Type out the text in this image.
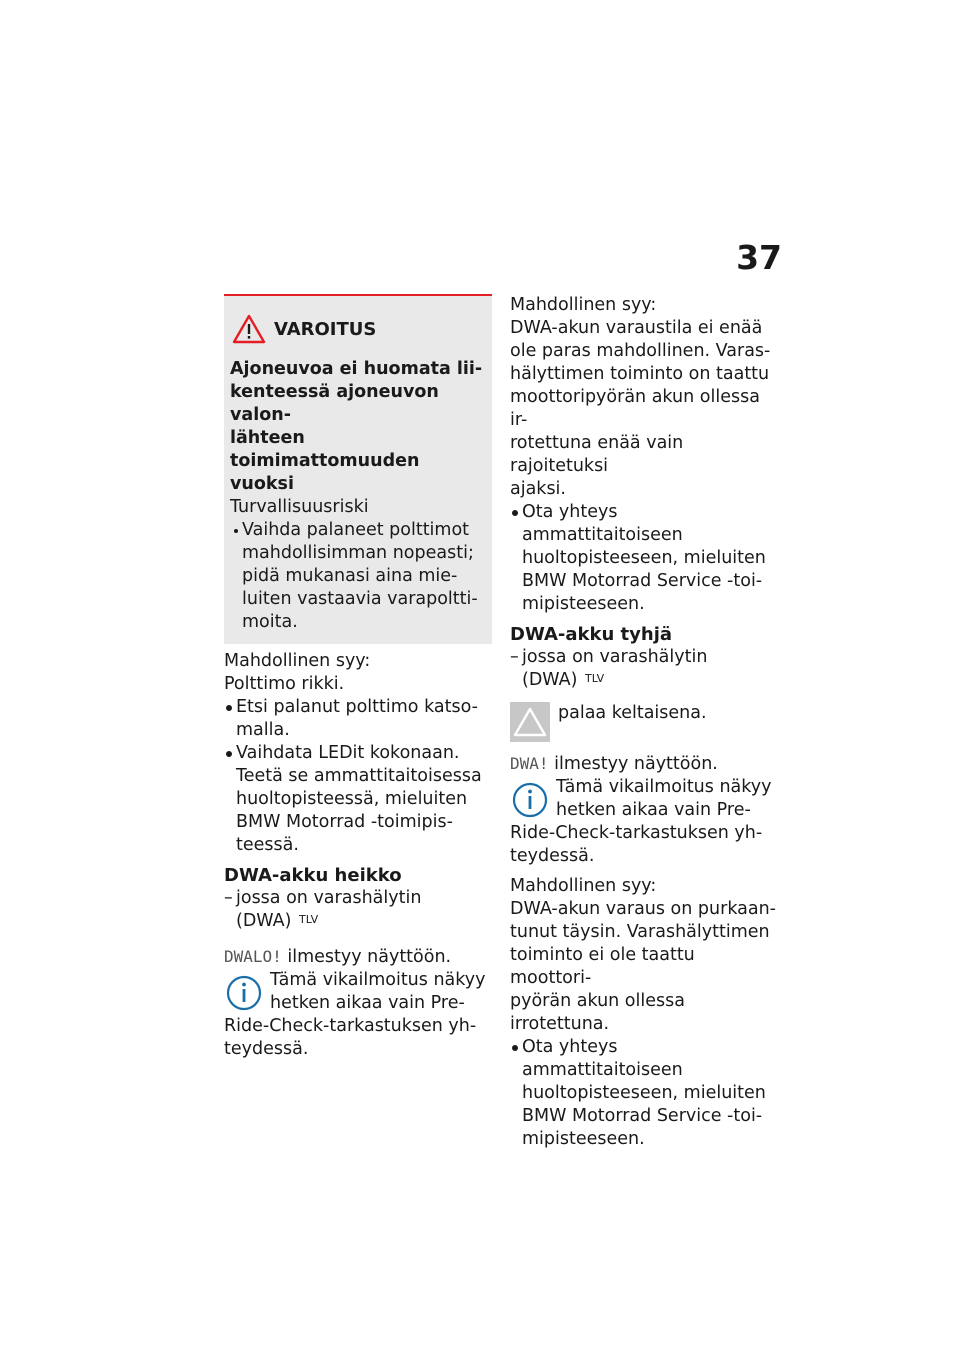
37
VAROITUS
Ajoneuvoa ei huomata lii-
kenteessä ajoneuvon valon-
lähteen toimimattomuuden
vuoksi
Turvallisuusriski
Vaihda palaneet polttimot
mahdollisimman nopeasti;
pidä mukanasi aina mie-
luiten vastaavia varapoltti-
moita.
Mahdollinen syy:
Polttimo rikki.
Etsi palanut polttimo katso-
malla.
Vaihdata LEDit kokonaan.
Teetä se ammattitaitoisessa
huoltopisteessä, mieluiten
BMW Motorrad -toimipis-
teessä.
DWA-akku heikko
– jossa on varashälytin
(DWA) $^{TLV}$
DWALO! ilmestyy näyttöön.
Tämä vikailmoitus näkyy
hetken aikaa vain Pre-
Ride-Check-tarkastuksen yh-
teydessä.
Mahdollinen syy:
DWA-akun varaustila ei enää
ole paras mahdollinen. Varas-
hälyttimen toiminto on taattu
moottoripyörän akun ollessa ir-
rotettuna enää vain rajoitetuksi
ajaksi.
Ota yhteys ammattitaitoiseen
huoltopisteeseen, mieluiten
BMW Motorrad Service -toi-
mipisteeseen.
DWA-akku tyhjä
– jossa on varashälytin
(DWA) $^{TLV}$
palaa keltaisena.
DWA! ilmestyy näyttöön.
Tämä vikailmoitus näkyy
hetken aikaa vain Pre-
Ride-Check-tarkastuksen yh-
teydessä.
Mahdollinen syy:
DWA-akun varaus on purkaan-
tunut täysin. Varashälyttimen
toiminto ei ole taattu moottori-
pyörän akun ollessa irrotettuna.
Ota yhteys ammattitaitoiseen
huoltopisteeseen, mieluiten
BMW Motorrad Service -toi-
mipisteeseen.
